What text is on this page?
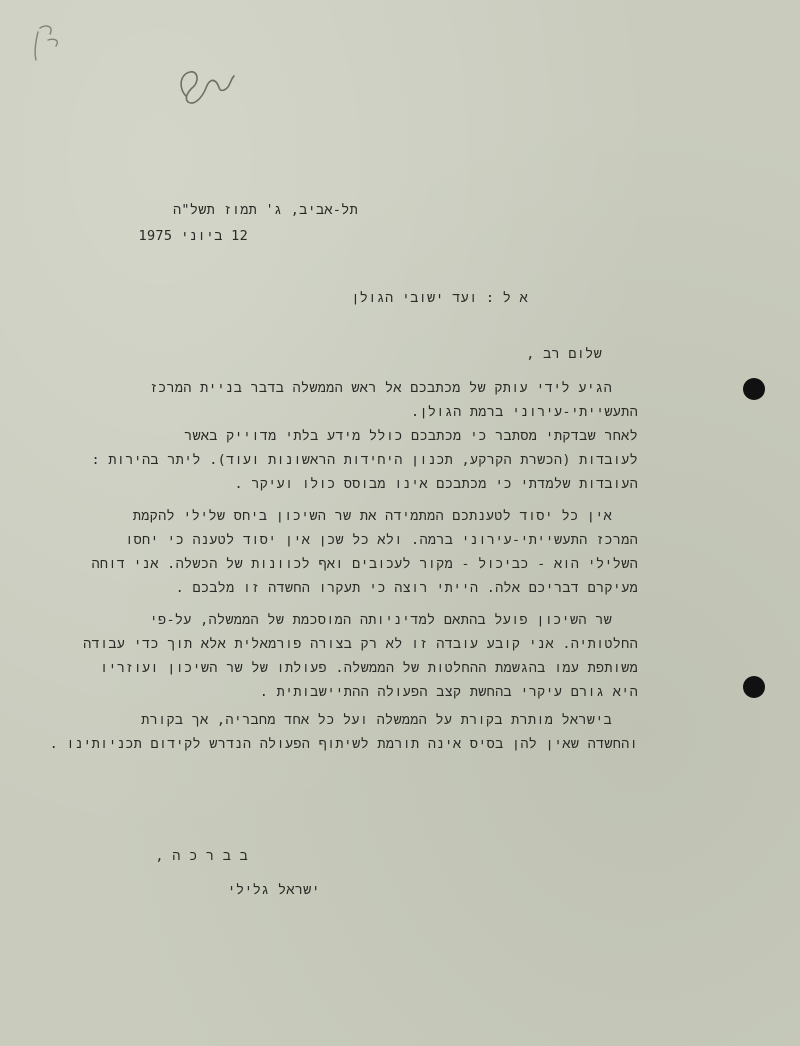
תל-אביב, ג' תמוז תשל"ה
12 ביוני 1975
א ל : ועד ישובי הגולן
שלום רב ,
הגיע לידי עותק של מכתבכם אל ראש הממשלה בדבר בניית המרכז
התעשייתי-עירוני ברמת הגולן.
לאחר שבדקתי מסתבר כי מכתבכם כולל מידע בלתי מדוייק באשר
לעובדות (הכשרת הקרקע, תכנון היחידות הראשונות ועוד). ליתר בהירות :
העובדות שלמדתי כי מכתבכם אינו מבוסס כולו ועיקר .
אין כל יסוד לטענתכם המתמידה את שר השיכון ביחס שלילי להקמת
המרכז התעשייתי-עירוני ברמה. ולא כל שכן אין יסוד לטענה כי יחסו
השלילי הוא - כביכול - מקור לעכובים ואף לכוונות של הכשלה. אני דוחה
מעיקרם דבריכם אלה. הייתי רוצה כי תעקרו החשדה זו מלבכם .
שר השיכון פועל בהתאם למדיניותה המוסכמת של הממשלה, על-פי
החלטותיה. אני קובע עובדה זו לא רק בצורה פורמאלית אלא תוך כדי עבודה
משותפת עמו בהגשמת ההחלטות של הממשלה. פעולתו של שר השיכון ועוזריו
היא גורם עיקרי בהחשת קצב הפעולה ההתיישבותית .
בישראל מותרת בקורת על הממשלה ועל כל אחד מחבריה, אך בקורת
והחשדה שאין להן בסיס אינה תורמת לשיתוף הפעולה הנדרש לקידום תכניותינו .
ב ב ר כ ה ,
ישראל גלילי
